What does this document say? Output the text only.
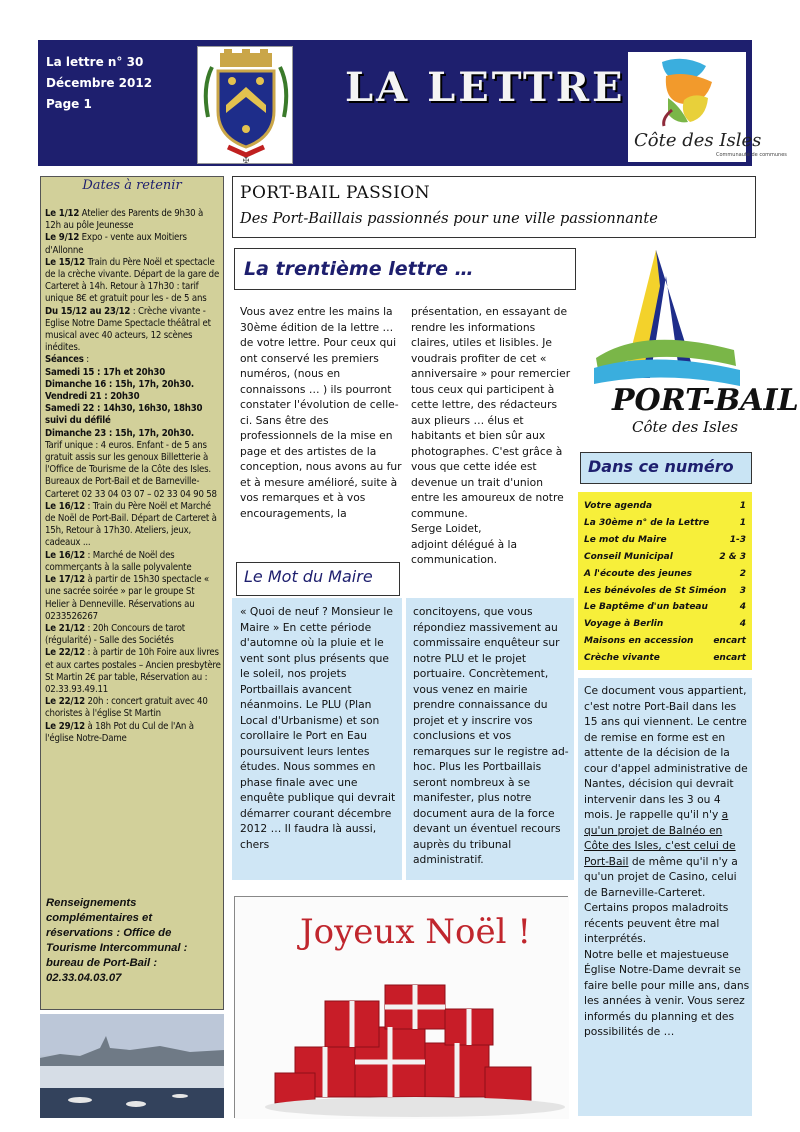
La lettre n° 30
Décembre 2012
Page 1
✠
LA LETTRE
Côte des Isles
Communauté de communes
Dates à retenir

Le 1/12 Atelier des Parents de 9h30 à 12h au pôle Jeunesse

Le 9/12 Expo - vente aux Moitiers d'Allonne

Le 15/12 Train du Père Noël et spectacle de la crèche vivante. Départ de la gare de Carteret à 14h. Retour à 17h30 : tarif unique 8€ et gratuit pour les - de 5 ans

Du 15/12 au 23/12 : Crèche vivante - Eglise Notre Dame Spectacle théâtral et musical avec 40 acteurs, 12 scènes inédites.

Séances :

Samedi 15 : 17h et 20h30

Dimanche 16 : 15h, 17h, 20h30.

Vendredi 21 : 20h30

Samedi 22 : 14h30, 16h30, 18h30 suivi du défilé

Dimanche 23 : 15h, 17h, 20h30.

Tarif unique : 4 euros. Enfant - de 5 ans gratuit assis sur les genoux Billetterie à l'Office de Tourisme de la Côte des Isles. Bureaux de Port-Bail et de Barneville-Carteret 02 33 04 03 07 – 02 33 04 90 58

Le 16/12 : Train du Père Noël et Marché de Noël de Port-Bail. Départ de Carteret à 15h, Retour à 17h30. Ateliers, jeux, cadeaux ...

Le 16/12 : Marché de Noël des commerçants à la salle polyvalente

Le 17/12 à partir de 15h30 spectacle « une sacrée soirée » par le groupe St Helier à Denneville. Réservations au 0233526267

Le 21/12 : 20h Concours de tarot (régularité) - Salle des Sociétés

Le 22/12 : à partir de 10h Foire aux livres et aux cartes postales – Ancien presbytère St Martin 2€ par table, Réservation au : 02.33.93.49.11

Le 22/12 20h : concert gratuit avec 40 choristes à l'église St Martin

Le 29/12 à 18h Pot du Cul de l'An à l'église Notre-Dame

Renseignements complémentaires et réservations : Office de Tourisme Intercommunal : bureau de Port-Bail : 02.33.04.03.07
PORT-BAIL PASSION
Des Port-Baillais passionnés pour une ville passionnante
La trentième lettre …
Vous avez entre les mains la 30ème édition de la lettre … de votre lettre. Pour ceux qui ont conservé les premiers numéros, (nous en connaissons … ) ils pourront constater l'évolution de celle-ci. Sans être des professionnels de la mise en page et des artistes de la conception, nous avons au fur et à mesure amélioré, suite à vos remarques et à vos encouragements, la
présentation, en essayant de rendre les informations claires, utiles et lisibles. Je voudrais profiter de cet « anniversaire » pour remercier tous ceux qui participent à cette lettre, des rédacteurs aux plieurs … élus et habitants et bien sûr aux photographes. C'est grâce à vous que cette idée est devenue un trait d'union entre les amoureux de notre commune.
Serge Loidet,
adjoint délégué à la communication.
PORT-BAIL
Côte des Isles
Le Mot du Maire
« Quoi de neuf ? Monsieur le Maire » En cette période d'automne où la pluie et le vent sont plus présents que le soleil, nos projets Portbaillais avancent néanmoins. Le PLU (Plan Local d'Urbanisme) et son corollaire le Port en Eau poursuivent leurs lentes études. Nous sommes en phase finale avec une enquête publique qui devrait démarrer courant décembre 2012 … Il faudra là aussi, chers
concitoyens, que vous répondiez massivement au commissaire enquêteur sur notre PLU et le projet portuaire. Concrètement, vous venez en mairie prendre connaissance du projet et y inscrire vos conclusions et vos remarques sur le registre ad-hoc. Plus les Portbaillais seront nombreux à se manifester, plus notre document aura de la force devant un éventuel recours auprès du tribunal administratif.
Dans ce numéro
Votre agenda	1
La 30ème n° de la Lettre	1
Le mot du Maire	1-3
Conseil Municipal	2 & 3
A l'écoute des jeunes	2
Les bénévoles de St Siméon 3
Le Baptême d'un bateau	4
Voyage à Berlin	4
Maisons en accession encart
Crèche vivante	encart
Ce document vous appartient, c'est notre Port-Bail dans les 15 ans qui viennent. Le centre de remise en forme est en attente de la décision de la cour d'appel administrative de Nantes, décision qui devrait intervenir dans les 3 ou 4 mois. Je rappelle qu'il n'y a qu'un projet de Balnéo en Côte des Isles, c'est celui de Port-Bail de même qu'il n'y a qu'un projet de Casino, celui de Barneville-Carteret. Certains propos maladroits récents peuvent être mal interprétés.
Notre belle et majestueuse Église Notre-Dame devrait se faire belle pour mille ans, dans les années à venir. Vous serez informés du planning et des possibilités de …
Joyeux Noël !
